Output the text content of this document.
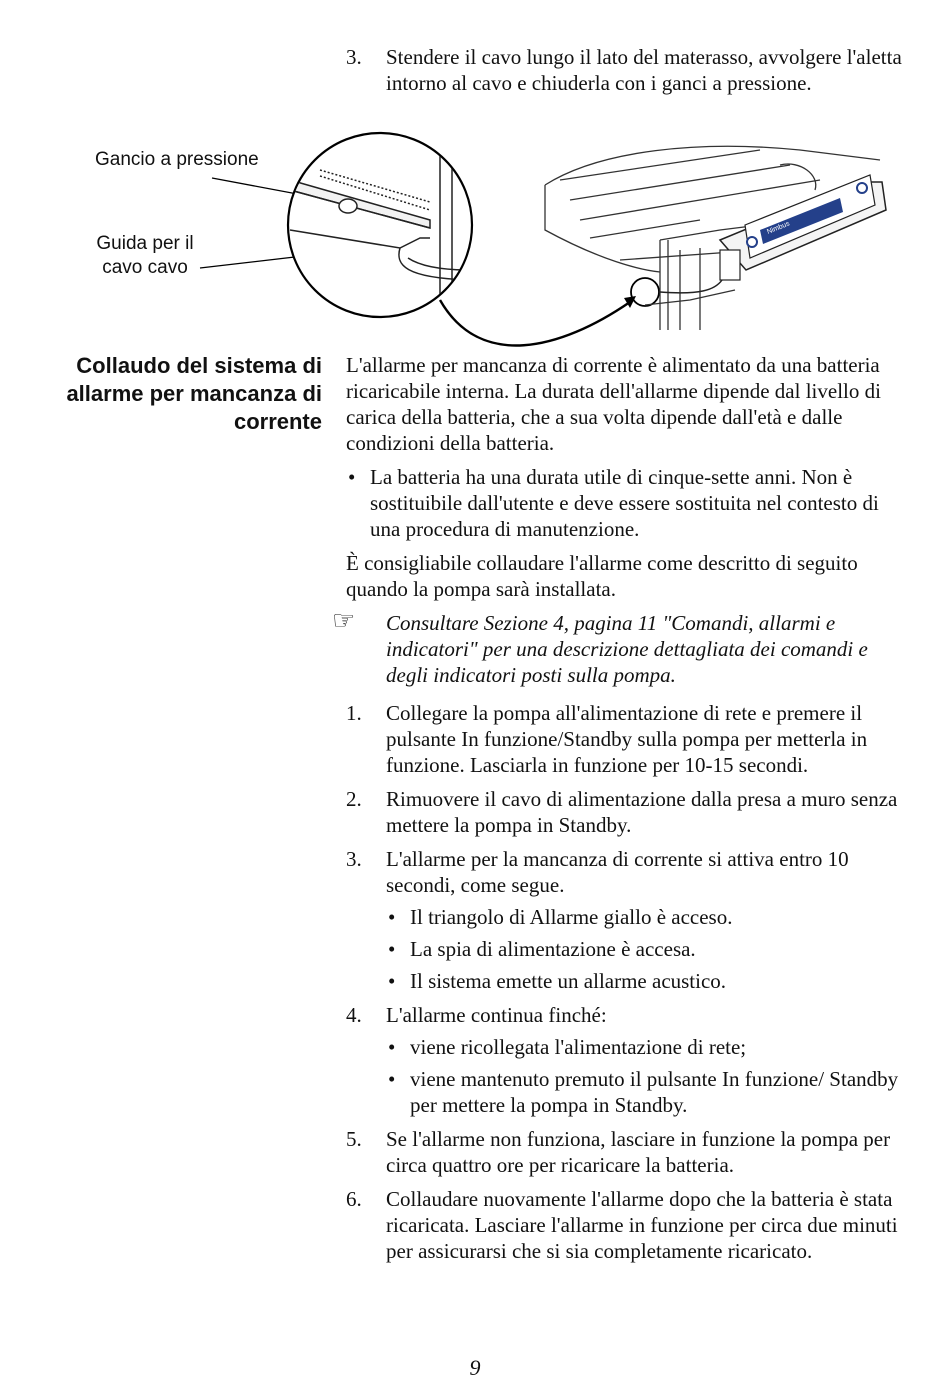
3. Stendere il cavo lungo il lato del materasso, avvolgere l'aletta intorno al cavo e chiuderla con i ganci a pressione.
Nimbus
Gancio a pressione
Guida per il cavo cavo
Collaudo del sistema di allarme per mancanza di corrente

L'allarme per mancanza di corrente è alimentato da una batteria ricaricabile interna. La durata dell'allarme dipende dal livello di carica della batteria, che a sua volta dipende dall'età e dalle condizioni della batteria.

• La batteria ha una durata utile di cinque-sette anni. Non è sostituibile dall'utente e deve essere sostituita nel contesto di una procedura di manutenzione.

È consigliabile collaudare l'allarme come descritto di seguito quando la pompa sarà installata.

☞ Consultare Sezione 4, pagina 11 "Comandi, allarmi e indicatori" per una descrizione dettagliata dei comandi e degli indicatori posti sulla pompa.
1. Collegare la pompa all'alimentazione di rete e premere il pulsante In funzione/Standby sulla pompa per metterla in funzione. Lasciarla in funzione per 10-15 secondi.
2. Rimuovere il cavo di alimentazione dalla presa a muro senza mettere la pompa in Standby.
3. L'allarme per la mancanza di corrente si attiva entro 10 secondi, come segue.
• Il triangolo di Allarme giallo è acceso.
• La spia di alimentazione è accesa.
• Il sistema emette un allarme acustico.
4. L'allarme continua finché:
• viene ricollegata l'alimentazione di rete;
• viene mantenuto premuto il pulsante In funzione/ Standby per mettere la pompa in Standby.
5. Se l'allarme non funziona, lasciare in funzione la pompa per circa quattro ore per ricaricare la batteria.
6. Collaudare nuovamente l'allarme dopo che la batteria è stata ricaricata. Lasciare l'allarme in funzione per circa due minuti per assicurarsi che si sia completamente ricaricato.
9
